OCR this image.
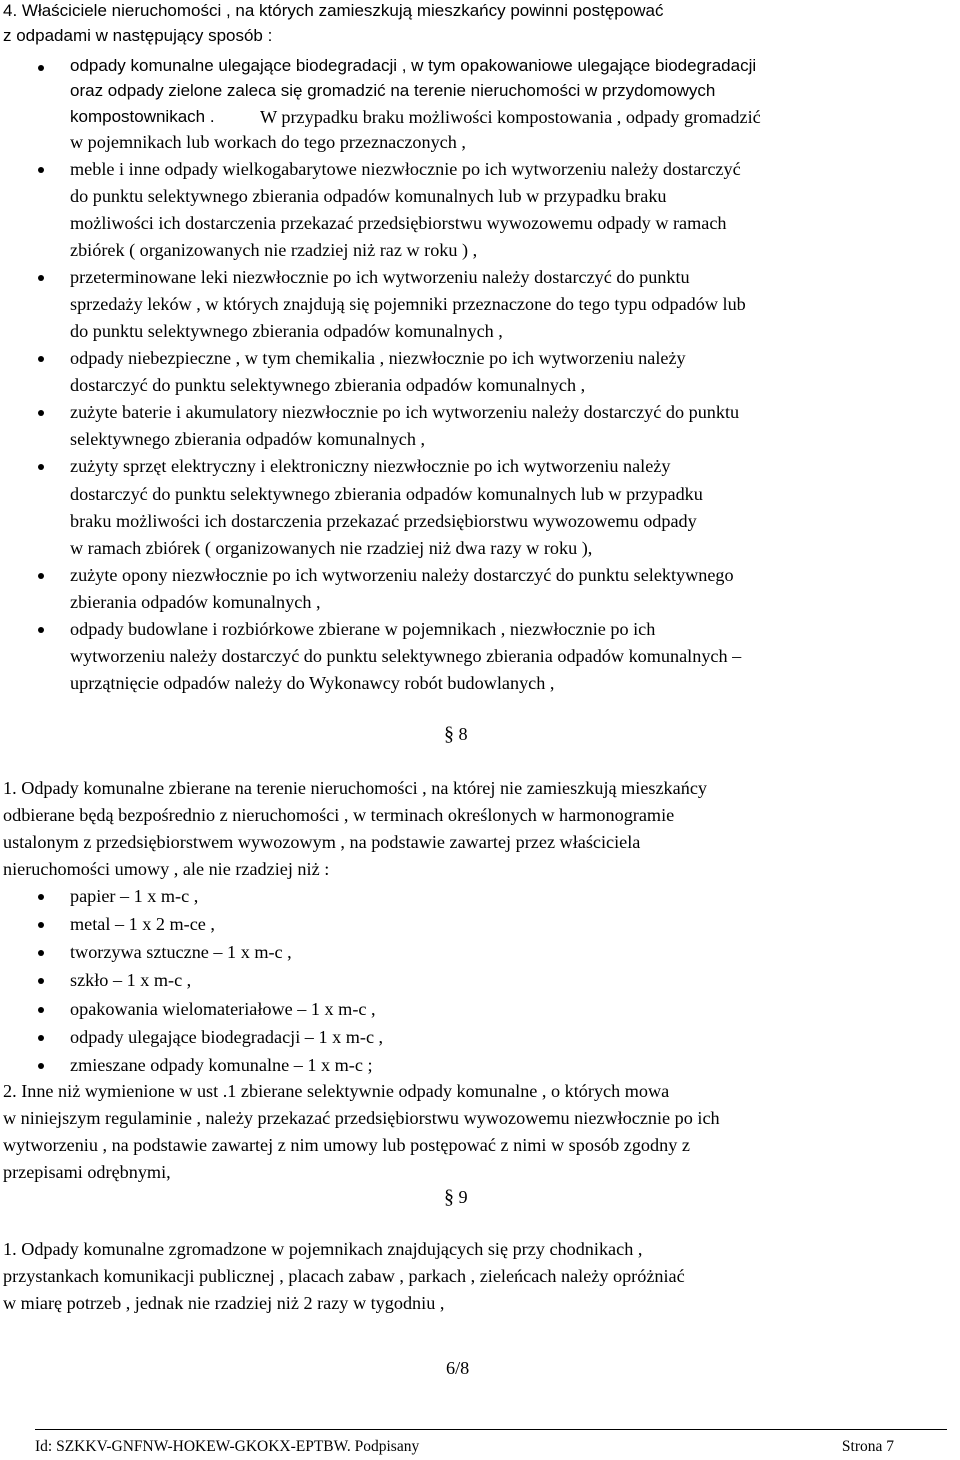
4. Właściciele nieruchomości , na których zamieszkują mieszkańcy powinni postępować
z odpadami w następujący sposób :
odpady komunalne ulegające biodegradacji , w tym opakowaniowe ulegające biodegradacji
oraz odpady zielone zaleca się gromadzić na terenie nieruchomości w przydomowych
kompostownikach . W przypadku braku możliwości kompostowania , odpady gromadzić
w pojemnikach lub workach do tego przeznaczonych ,
meble i inne odpady wielkogabarytowe niezwłocznie po ich wytworzeniu należy dostarczyć
do punktu selektywnego zbierania odpadów komunalnych lub w przypadku braku
możliwości ich dostarczenia przekazać przedsiębiorstwu wywozowemu odpady w ramach
zbiórek ( organizowanych nie rzadziej niż raz w roku ) ,
przeterminowane leki niezwłocznie po ich wytworzeniu należy dostarczyć do punktu
sprzedaży leków , w których znajdują się pojemniki przeznaczone do tego typu odpadów lub
do punktu selektywnego zbierania odpadów komunalnych ,
odpady niebezpieczne , w tym chemikalia , niezwłocznie po ich wytworzeniu należy
dostarczyć do punktu selektywnego zbierania odpadów komunalnych ,
zużyte baterie i akumulatory niezwłocznie po ich wytworzeniu należy dostarczyć do punktu
selektywnego zbierania odpadów komunalnych ,
zużyty sprzęt elektryczny i elektroniczny niezwłocznie po ich wytworzeniu należy
dostarczyć do punktu selektywnego zbierania odpadów komunalnych lub w przypadku
braku możliwości ich dostarczenia przekazać przedsiębiorstwu wywozowemu odpady
w ramach zbiórek ( organizowanych nie rzadziej niż dwa razy w roku ),
zużyte opony niezwłocznie po ich wytworzeniu należy dostarczyć do punktu selektywnego
zbierania odpadów komunalnych ,
odpady budowlane i rozbiórkowe zbierane w pojemnikach , niezwłocznie po ich
wytworzeniu należy dostarczyć do punktu selektywnego zbierania odpadów komunalnych –
uprzątnięcie odpadów należy do Wykonawcy robót budowlanych ,
§ 8
1. Odpady komunalne zbierane na terenie nieruchomości , na której nie zamieszkują mieszkańcy
odbierane będą bezpośrednio z nieruchomości , w terminach określonych w harmonogramie
ustalonym z przedsiębiorstwem wywozowym , na podstawie zawartej przez właściciela
nieruchomości umowy , ale nie rzadziej niż :
papier – 1 x m-c ,
metal – 1 x 2 m-ce ,
tworzywa sztuczne – 1 x m-c ,
szkło – 1 x m-c ,
opakowania wielomateriałowe – 1 x m-c ,
odpady ulegające biodegradacji – 1 x m-c ,
zmieszane odpady komunalne – 1 x m-c ;
2. Inne niż wymienione w ust .1 zbierane selektywnie odpady komunalne , o których mowa
w niniejszym regulaminie , należy przekazać przedsiębiorstwu wywozowemu niezwłocznie po ich
wytworzeniu , na podstawie zawartej z nim umowy lub postępować z nimi w sposób zgodny z
przepisami odrębnymi,
§ 9
1. Odpady komunalne zgromadzone w pojemnikach znajdujących się przy chodnikach ,
przystankach komunikacji publicznej , placach zabaw , parkach , zieleńcach należy opróżniać
w miarę potrzeb , jednak nie rzadziej niż 2 razy w tygodniu ,
6/8
Id: SZKKV-GNFNW-HOKEW-GKOKX-EPTBW. Podpisany	Strona 7
